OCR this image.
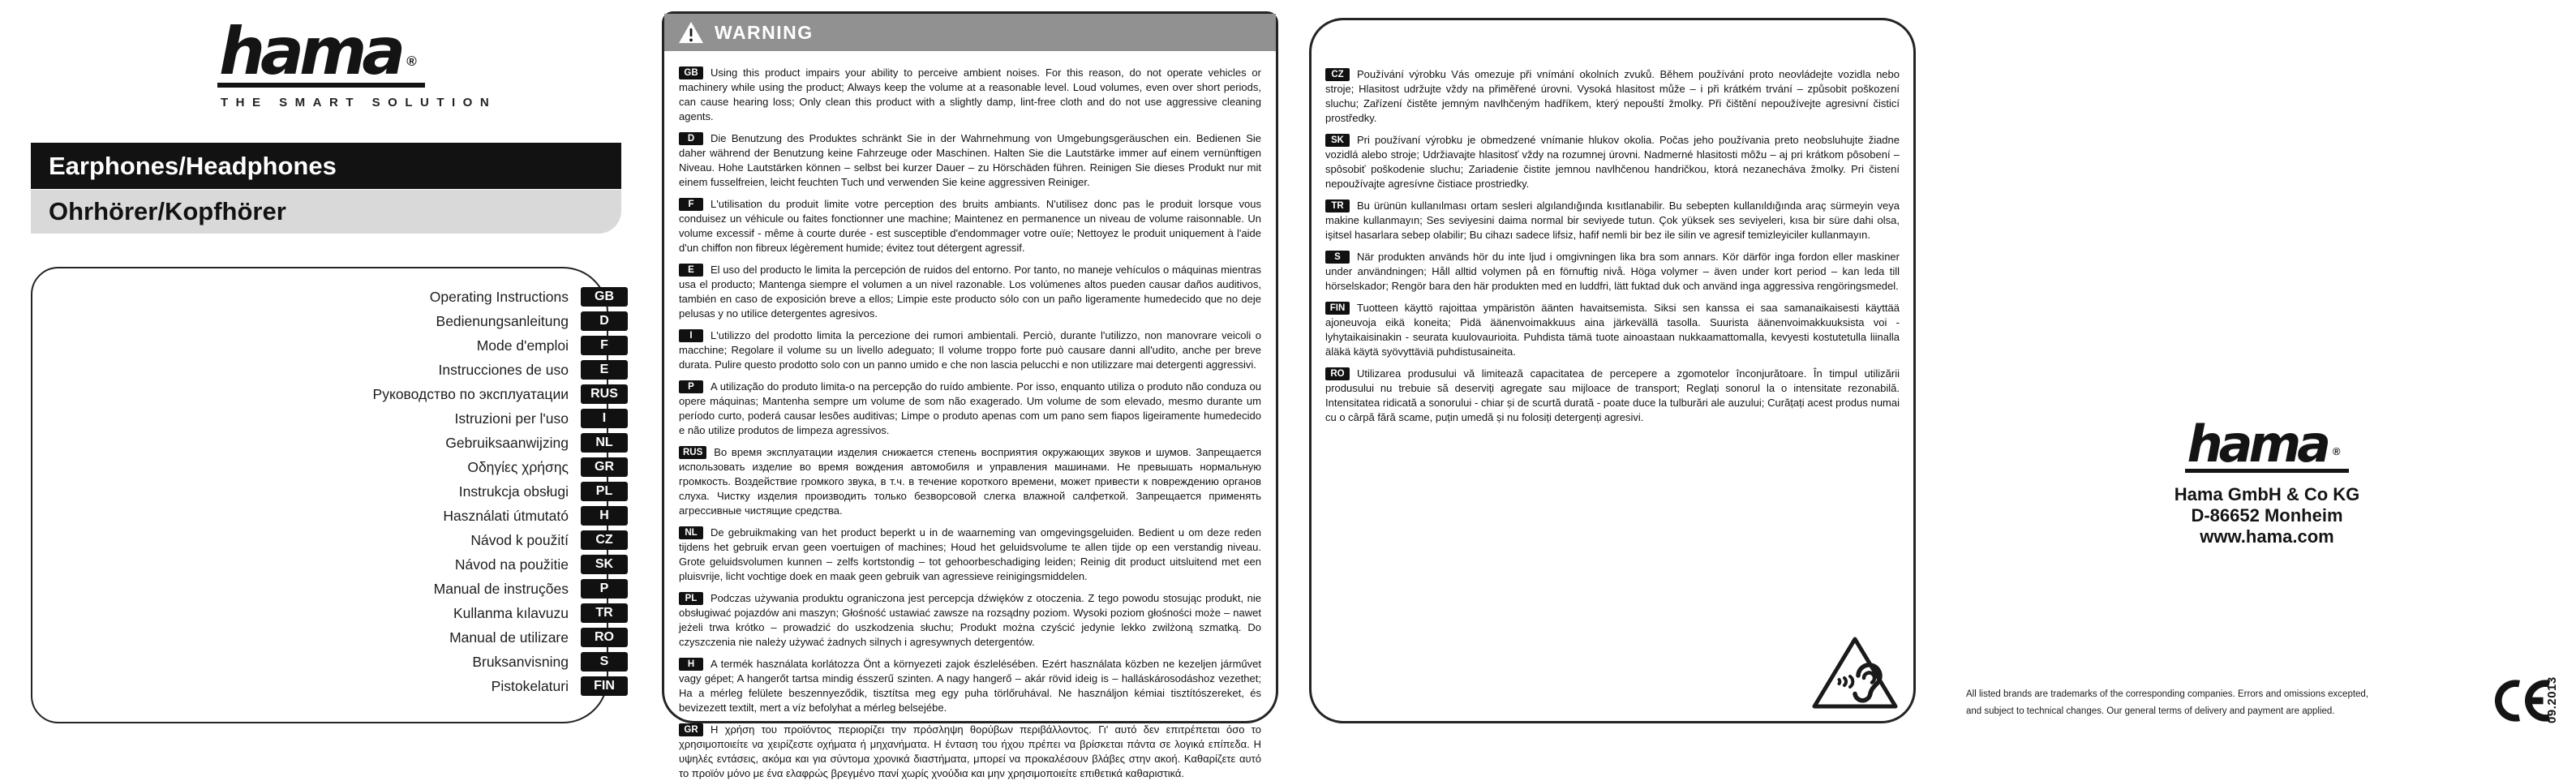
hama ®
THE SMART SOLUTION
Earphones/Headphones
Ohrhörer/Kopfhörer
Operating Instructions	GB
Bedienungsanleitung	D
Mode d'emploi	F
Instrucciones de uso	E
Руководство по эксплуатации	RUS
Istruzioni per l'uso	I
Gebruiksaanwijzing	NL
Οδηγίες χρήσης	GR
Instrukcja obsługi	PL
Használati útmutató	H
Návod k použití	CZ
Návod na použitie	SK
Manual de instruções	P
Kullanma kılavuzu	TR
Manual de utilizare	RO
Bruksanvisning	S
Pistokelaturi	FIN
WARNING

GB Using this product impairs your ability to perceive ambient noises. For this reason, do not operate vehicles or machinery while using the product; Always keep the volume at a reasonable level. Loud volumes, even over short periods, can cause hearing loss; Only clean this product with a slightly damp, lint-free cloth and do not use aggressive cleaning agents.

D Die Benutzung des Produktes schränkt Sie in der Wahrnehmung von Umgebungsgeräuschen ein. Bedienen Sie daher während der Benutzung keine Fahrzeuge oder Maschinen. Halten Sie die Lautstärke immer auf einem vernünftigen Niveau. Hohe Lautstärken können – selbst bei kurzer Dauer – zu Hörschäden führen. Reinigen Sie dieses Produkt nur mit einem fusselfreien, leicht feuchten Tuch und verwenden Sie keine aggressiven Reiniger.

F L'utilisation du produit limite votre perception des bruits ambiants. N'utilisez donc pas le produit lorsque vous conduisez un véhicule ou faites fonctionner une machine; Maintenez en permanence un niveau de volume raisonnable. Un volume excessif - même à courte durée - est susceptible d'endommager votre ouïe; Nettoyez le produit uniquement à l'aide d'un chiffon non fibreux légèrement humide; évitez tout détergent agressif.

E El uso del producto le limita la percepción de ruidos del entorno. Por tanto, no maneje vehículos o máquinas mientras usa el producto; Mantenga siempre el volumen a un nivel razonable. Los volúmenes altos pueden causar daños auditivos, también en caso de exposición breve a ellos; Limpie este producto sólo con un paño ligeramente humedecido que no deje pelusas y no utilice detergentes agresivos.

I L'utilizzo del prodotto limita la percezione dei rumori ambientali. Perciò, durante l'utilizzo, non manovrare veicoli o macchine; Regolare il volume su un livello adeguato; Il volume troppo forte può causare danni all'udito, anche per breve durata. Pulire questo prodotto solo con un panno umido e che non lascia pelucchi e non utilizzare mai detergenti aggressivi.

P A utilização do produto limita-o na percepção do ruído ambiente. Por isso, enquanto utiliza o produto não conduza ou opere máquinas; Mantenha sempre um volume de som não exagerado. Um volume de som elevado, mesmo durante um período curto, poderá causar lesões auditivas; Limpe o produto apenas com um pano sem fiapos ligeiramente humedecido e não utilize produtos de limpeza agressivos.

RUS Во время эксплуатации изделия снижается степень восприятия окружающих звуков и шумов. Запрещается использовать изделие во время вождения автомобиля и управления машинами. Не превышать нормальную громкость. Воздействие громкого звука, в т.ч. в течение короткого времени, может привести к повреждению органов слуха. Чистку изделия производить только безворсовой слегка влажной салфеткой. Запрещается применять агрессивные чистящие средства.

NL De gebruikmaking van het product beperkt u in de waarneming van omgevingsgeluiden. Bedient u om deze reden tijdens het gebruik ervan geen voertuigen of machines; Houd het geluidsvolume te allen tijde op een verstandig niveau. Grote geluidsvolumen kunnen – zelfs kortstondig – tot gehoorbeschadiging leiden; Reinig dit product uitsluitend met een pluisvrije, licht vochtige doek en maak geen gebruik van agressieve reinigingsmiddelen.

PL Podczas używania produktu ograniczona jest percepcja dźwięków z otoczenia. Z tego powodu stosując produkt, nie obsługiwać pojazdów ani maszyn; Głośność ustawiać zawsze na rozsądny poziom. Wysoki poziom głośności może – nawet jeżeli trwa krótko – prowadzić do uszkodzenia słuchu; Produkt można czyścić jedynie lekko zwilżoną szmatką. Do czyszczenia nie należy używać żadnych silnych i agresywnych detergentów.

H A termék használata korlátozza Önt a környezeti zajok észlelésében. Ezért használata közben ne kezeljen járművet vagy gépet; A hangerőt tartsa mindig ésszerű szinten. A nagy hangerő – akár rövid ideig is – halláskárosodáshoz vezethet; Ha a mérleg felülete beszennyeződik, tisztítsa meg egy puha törlőruhával. Ne használjon kémiai tisztítószereket, és bevizezett textilt, mert a víz befolyhat a mérleg belsejébe.

GR Η χρήση του προϊόντος περιορίζει την πρόσληψη θορύβων περιβάλλοντος. Γι' αυτό δεν επιτρέπεται όσο το χρησιμοποιείτε να χειρίζεστε οχήματα ή μηχανήματα. Η ένταση του ήχου πρέπει να βρίσκεται πάντα σε λογικά επίπεδα. Η υψηλές εντάσεις, ακόμα και για σύντομα χρονικά διαστήματα, μπορεί να προκαλέσουν βλάβες στην ακοή. Καθαρίζετε αυτό το προϊόν μόνο με ένα ελαφρώς βρεγμένο πανί χωρίς χνούδια και μην χρησιμοποιείτε επιθετικά καθαριστικά.

CZ Používání výrobku Vás omezuje při vnímání okolních zvuků. Během používání proto neovládejte vozidla nebo stroje; Hlasitost udržujte vždy na přiměřené úrovni. Vysoká hlasitost může – i při krátkém trvání – způsobit poškození sluchu; Zařízení čistěte jemným navlhčeným hadříkem, který nepouští žmolky. Při čištění nepoužívejte agresivní čisticí prostředky.

SK Pri používaní výrobku je obmedzené vnímanie hlukov okolia. Počas jeho používania preto neobsluhujte žiadne vozidlá alebo stroje; Udržiavajte hlasitosť vždy na rozumnej úrovni. Nadmerné hlasitosti môžu – aj pri krátkom pôsobení – spôsobiť poškodenie sluchu; Zariadenie čistite jemnou navlhčenou handričkou, ktorá nezanecháva žmolky. Pri čistení nepoužívajte agresívne čistiace prostriedky.

TR Bu ürünün kullanılması ortam sesleri algılandığında kısıtlanabilir. Bu sebepten kullanıldığında araç sürmeyin veya makine kullanmayın; Ses seviyesini daima normal bir seviyede tutun. Çok yüksek ses seviyeleri, kısa bir süre dahi olsa, işitsel hasarlara sebep olabilir; Bu cihazı sadece lifsiz, hafif nemli bir bez ile silin ve agresif temizleyiciler kullanmayın.

S När produkten används hör du inte ljud i omgivningen lika bra som annars. Kör därför inga fordon eller maskiner under användningen; Håll alltid volymen på en förnuftig nivå. Höga volymer – även under kort period – kan leda till hörselskador; Rengör bara den här produkten med en luddfri, lätt fuktad duk och använd inga aggressiva rengöringsmedel.

FIN Tuotteen käyttö rajoittaa ympäristön äänten havaitsemista. Siksi sen kanssa ei saa samanaikaisesti käyttää ajoneuvoja eikä koneita; Pidä äänenvoimakkuus aina järkevällä tasolla. Suurista äänenvoimakkuuksista voi - lyhytaikaisinakin - seurata kuulovaurioita. Puhdista tämä tuote ainoastaan nukkaamattomalla, kevyesti kostutetulla liinalla äläkä käytä syövyttäviä puhdistusaineita.

RO Utilizarea produsului vă limitează capacitatea de percepere a zgomotelor înconjurătoare. În timpul utilizării produsului nu trebuie să deserviți agregate sau mijloace de transport; Reglați sonorul la o intensitate rezonabilă. Intensitatea ridicată a sonorului - chiar și de scurtă durată - poate duce la tulburări ale auzului; Curățați acest produs numai cu o cârpă fără scame, puțin umedă și nu folosiți detergenți agresivi.	hama ®
Hama GmbH & Co KG
D-86652 Monheim
www.hama.com
All listed brands are trademarks of the corresponding companies. Errors and omissions excepted,
and subject to technical changes. Our general terms of delivery and payment are applied.	09.2013
